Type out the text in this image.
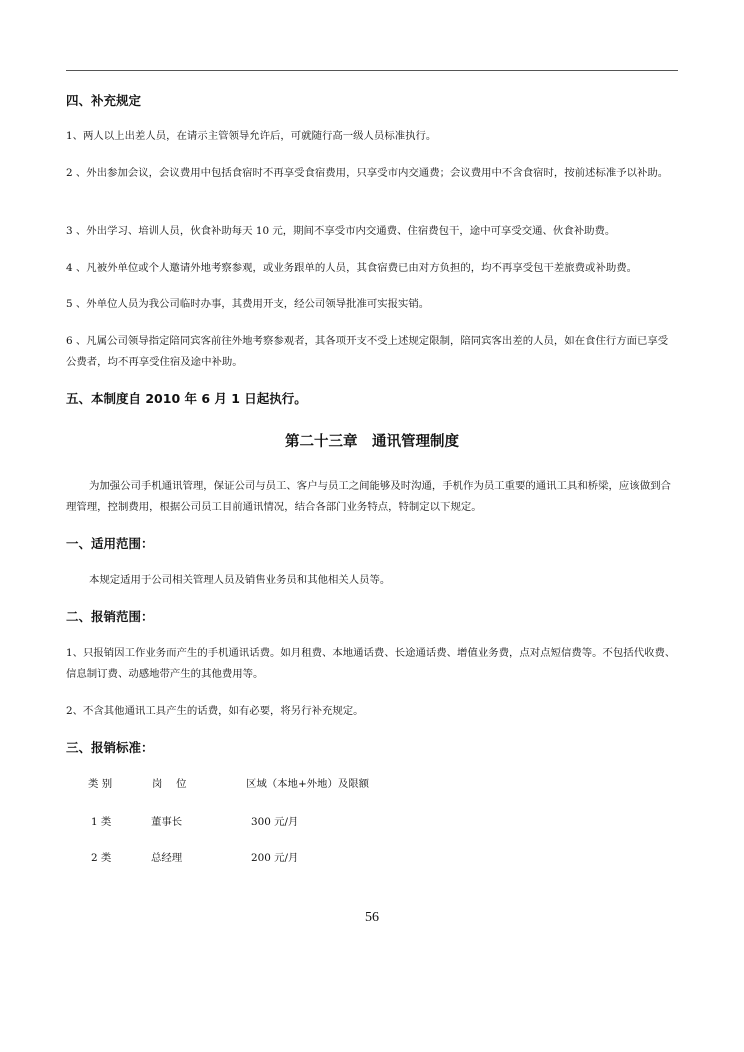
四、补充规定
1、两人以上出差人员，在请示主管领导允许后，可就随行高一级人员标准执行。
2 、外出参加会议，会议费用中包括食宿时不再享受食宿费用，只享受市内交通费；会议费用中不含食宿时，按前述标准予以补助。
3 、外出学习、培训人员，伙食补助每天 10 元，期间不享受市内交通费、住宿费包干，途中可享受交通、伙食补助费。
4 、凡被外单位或个人邀请外地考察参观，或业务跟单的人员，其食宿费已由对方负担的，均不再享受包干差旅费或补助费。
5 、外单位人员为我公司临时办事，其费用开支，经公司领导批准可实报实销。
6 、凡属公司领导指定陪同宾客前往外地考察参观者，其各项开支不受上述规定限制，陪同宾客出差的人员，如在食住行方面已享受公费者，均不再享受住宿及途中补助。
五、本制度自 2010 年 6 月 1 日起执行。
第二十三章　通讯管理制度
为加强公司手机通讯管理，保证公司与员工、客户与员工之间能够及时沟通，手机作为员工重要的通讯工具和桥梁，应该做到合理管理，控制费用，根据公司员工目前通讯情况，结合各部门业务特点，特制定以下规定。
一、适用范围：
本规定适用于公司相关管理人员及销售业务员和其他相关人员等。
二、报销范围：
1、只报销因工作业务而产生的手机通讯话费。如月租费、本地通话费、长途通话费、增值业务费，点对点短信费等。不包括代收费、信息制订费、动感地带产生的其他费用等。
2、不含其他通讯工具产生的话费，如有必要，将另行补充规定。
三、报销标准：
类 别	岗　 位	区域（本地+外地）及限额
1 类	董事长	300 元/月
2 类	总经理	200 元/月
56
